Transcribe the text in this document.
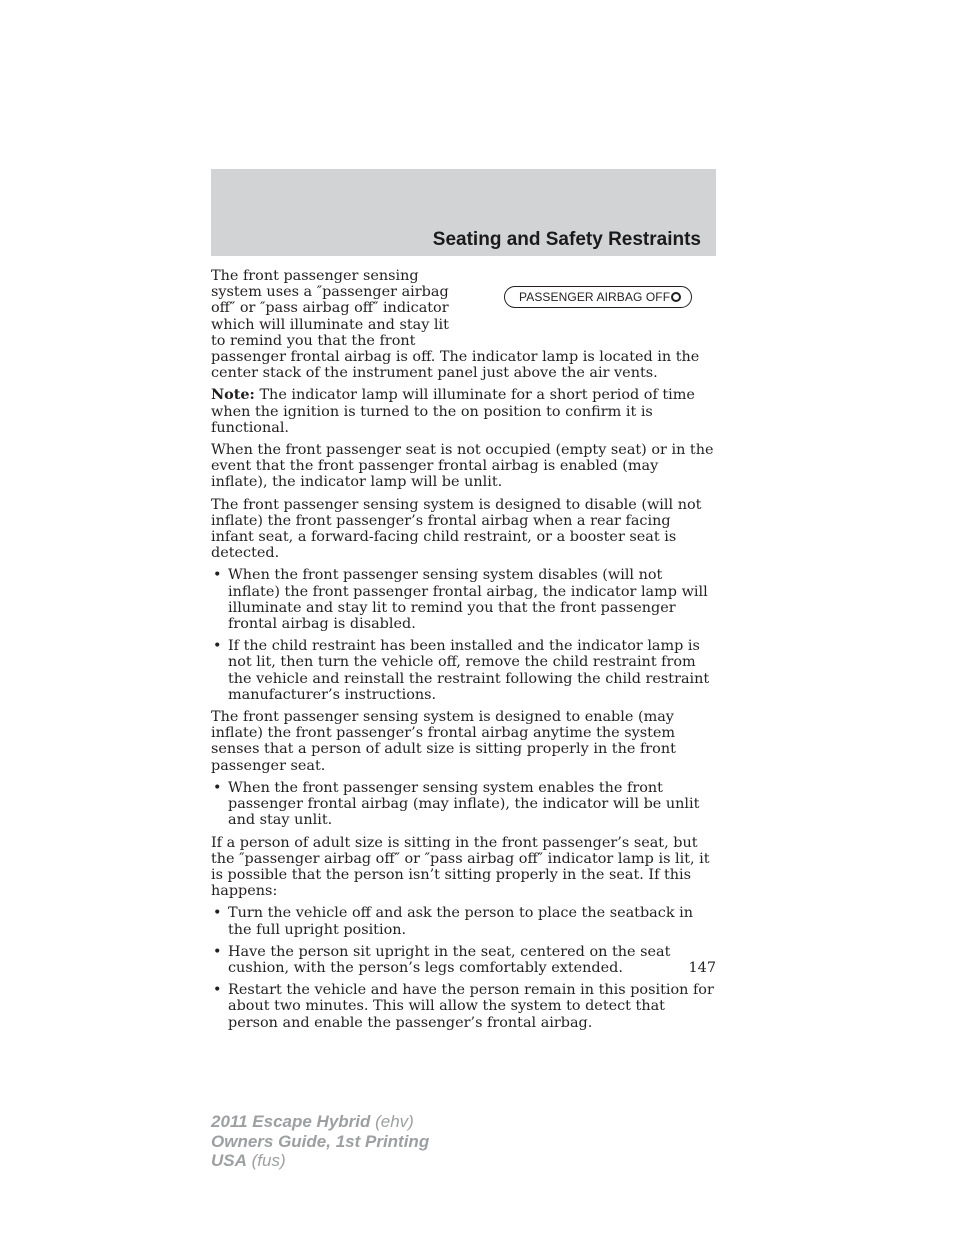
Seating and Safety Restraints
PASSENGER AIRBAG OFF

The front passenger sensing system uses a ″passenger airbag off″ or ″pass airbag off″ indicator which will illuminate and stay lit to remind you that the front passenger frontal airbag is off. The indicator lamp is located in the center stack of the instrument panel just above the air vents.

Note: The indicator lamp will illuminate for a short period of time when the ignition is turned to the on position to confirm it is functional.

When the front passenger seat is not occupied (empty seat) or in the event that the front passenger frontal airbag is enabled (may inflate), the indicator lamp will be unlit.

The front passenger sensing system is designed to disable (will not inflate) the front passenger’s frontal airbag when a rear facing infant seat, a forward-facing child restraint, or a booster seat is detected.

• When the front passenger sensing system disables (will not inflate) the front passenger frontal airbag, the indicator lamp will illuminate and stay lit to remind you that the front passenger frontal airbag is disabled.
• If the child restraint has been installed and the indicator lamp is not lit, then turn the vehicle off, remove the child restraint from the vehicle and reinstall the restraint following the child restraint manufacturer’s instructions.

The front passenger sensing system is designed to enable (may inflate) the front passenger’s frontal airbag anytime the system senses that a person of adult size is sitting properly in the front passenger seat.

• When the front passenger sensing system enables the front passenger frontal airbag (may inflate), the indicator will be unlit and stay unlit.

If a person of adult size is sitting in the front passenger’s seat, but the ″passenger airbag off″ or ″pass airbag off″ indicator lamp is lit, it is possible that the person isn’t sitting properly in the seat. If this happens:

• Turn the vehicle off and ask the person to place the seatback in the full upright position.
• Have the person sit upright in the seat, centered on the seat cushion, with the person’s legs comfortably extended.
• Restart the vehicle and have the person remain in this position for about two minutes. This will allow the system to detect that person and enable the passenger’s frontal airbag.
147
2011 Escape Hybrid (ehv)
Owners Guide, 1st Printing
USA (fus)
